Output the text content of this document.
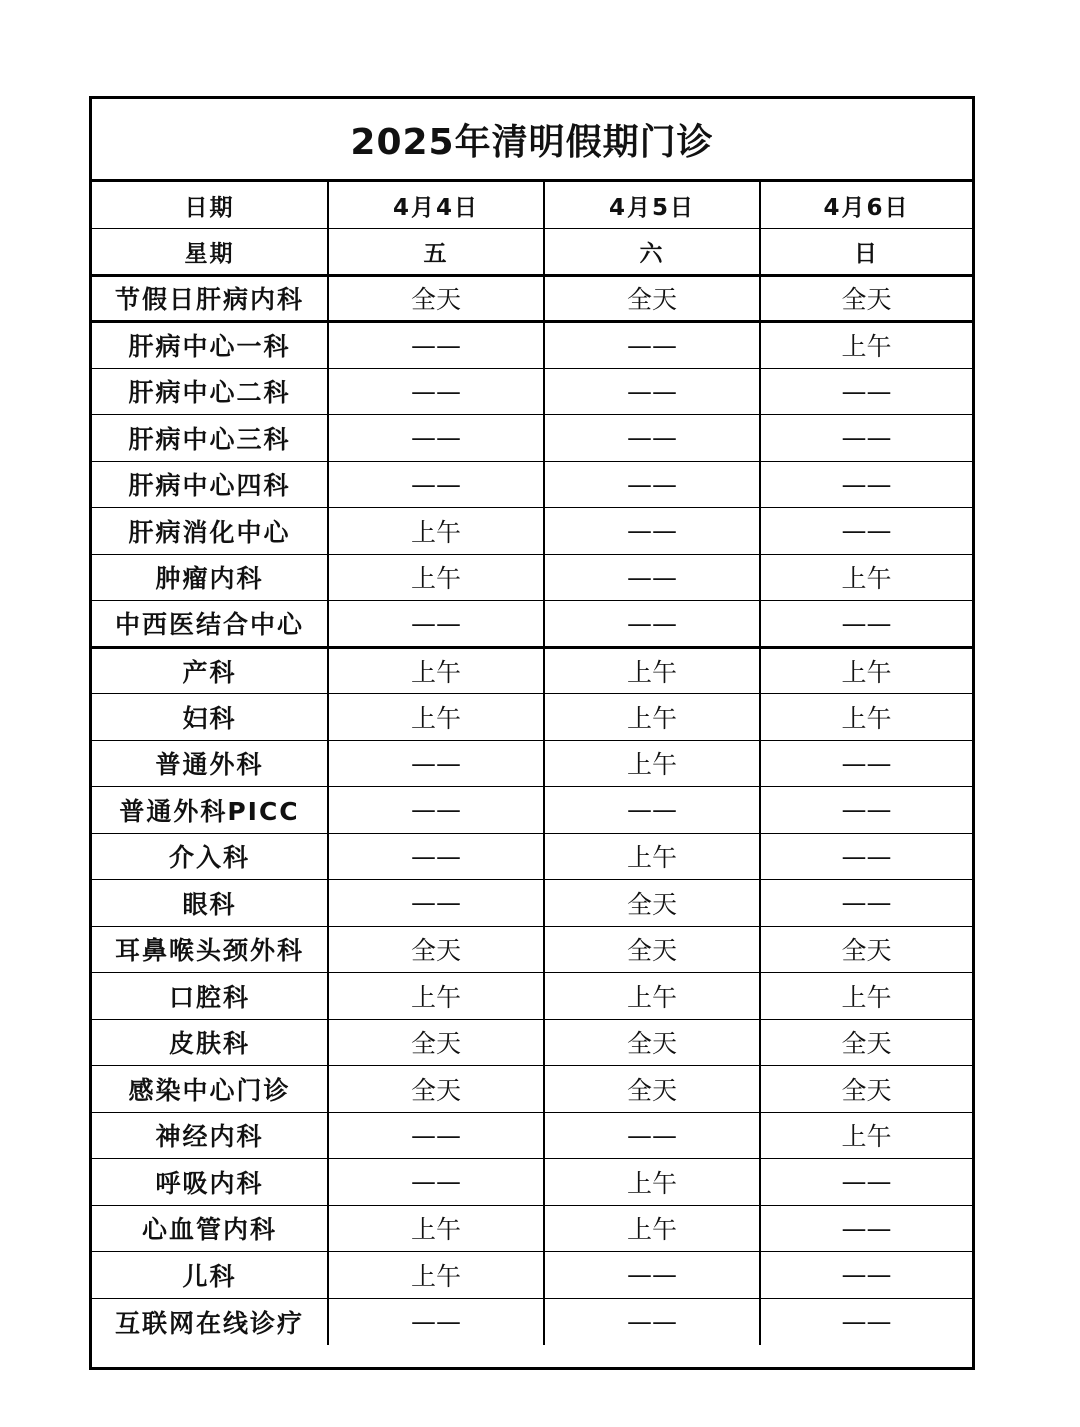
2025年清明假期门诊
日期	4月4日	4月5日	4月6日
星期	五	六	日
节假日肝病内科	全天	全天	全天
肝病中心一科	——	——	上午
肝病中心二科	——	——	——
肝病中心三科	——	——	——
肝病中心四科	——	——	——
肝病消化中心	上午	——	——
肿瘤内科	上午	——	上午
中西医结合中心	——	——	——
产科	上午	上午	上午
妇科	上午	上午	上午
普通外科	——	上午	——
普通外科PICC	——	——	——
介入科	——	上午	——
眼科	——	全天	——
耳鼻喉头颈外科	全天	全天	全天
口腔科	上午	上午	上午
皮肤科	全天	全天	全天
感染中心门诊	全天	全天	全天
神经内科	——	——	上午
呼吸内科	——	上午	——
心血管内科	上午	上午	——
儿科	上午	——	——
互联网在线诊疗	——	——	——
